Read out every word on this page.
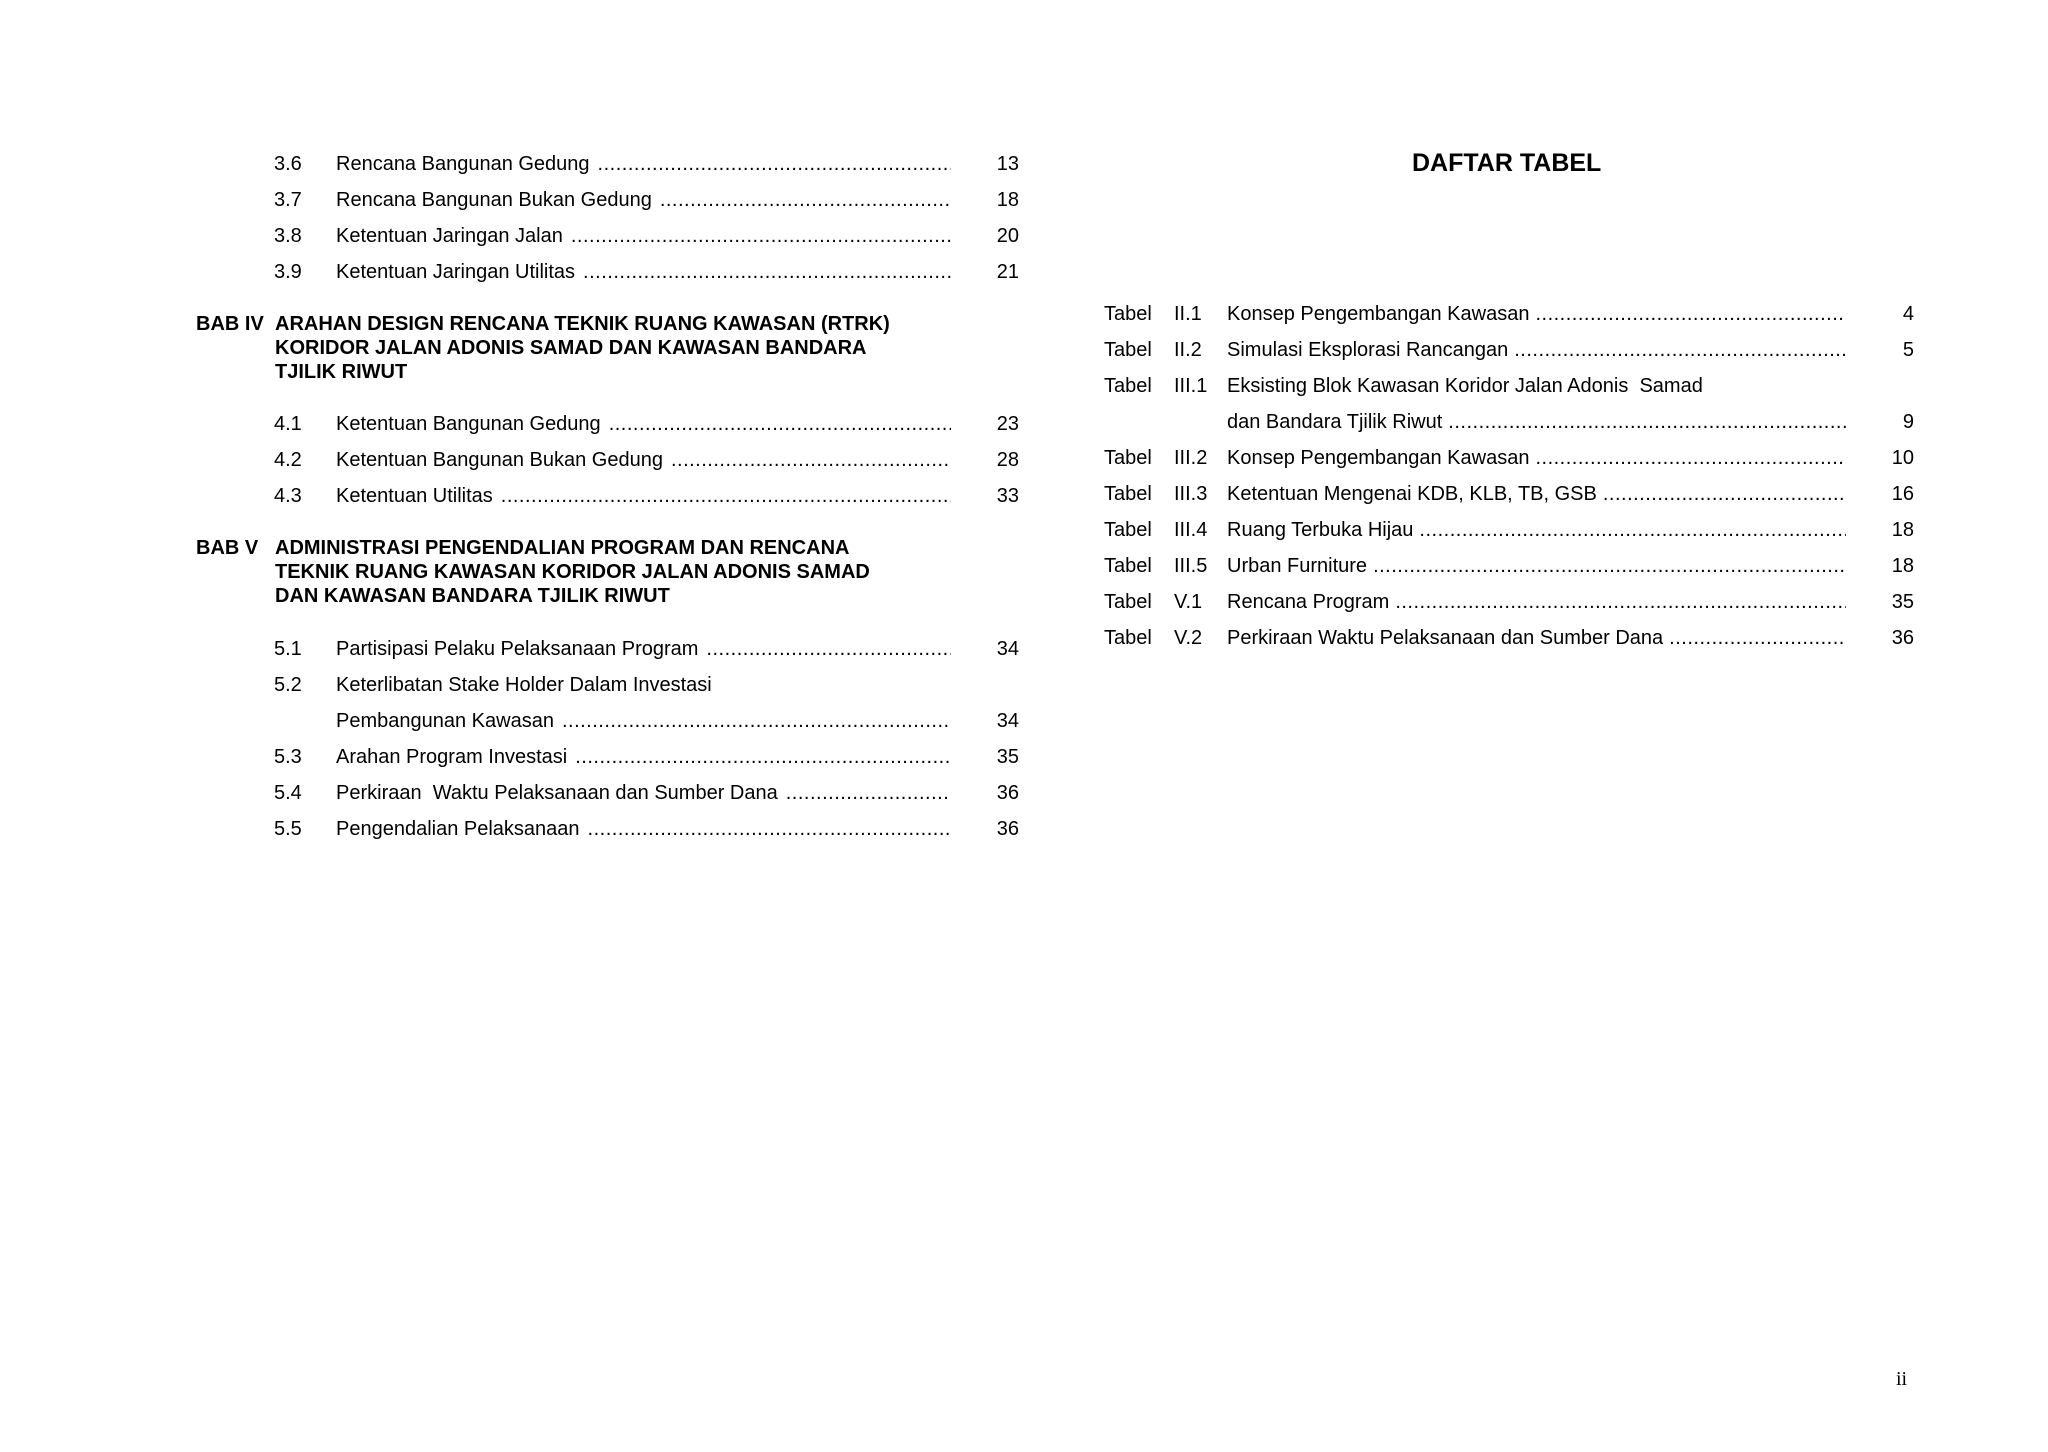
3.6	Rencana Bangunan Gedung .....	13
3.7	Rencana Bangunan Bukan Gedung .....	18
3.8	Ketentuan Jaringan Jalan .....	20
3.9	Ketentuan Jaringan Utilitas .....	21
BAB IV ARAHAN DESIGN RENCANA TEKNIK RUANG KAWASAN (RTRK) KORIDOR JALAN ADONIS SAMAD DAN KAWASAN BANDARA TJILIK RIWUT
4.1	Ketentuan Bangunan Gedung .....	23
4.2	Ketentuan Bangunan Bukan Gedung .....	28
4.3	Ketentuan Utilitas .....	33
BAB V ADMINISTRASI PENGENDALIAN PROGRAM DAN RENCANA TEKNIK RUANG KAWASAN KORIDOR JALAN ADONIS SAMAD DAN KAWASAN BANDARA TJILIK RIWUT
5.1	Partisipasi Pelaku Pelaksanaan Program .....	34
5.2	Keterlibatan Stake Holder Dalam Investasi
Pembangunan Kawasan .....	34
5.3	Arahan Program Investasi .....	35
5.4	Perkiraan  Waktu Pelaksanaan dan Sumber Dana .....	36
5.5	Pengendalian Pelaksanaan .....	36
DAFTAR TABEL
Tabel	II.1	Konsep Pengembangan Kawasan .....	4
Tabel	II.2	Simulasi Eksplorasi Rancangan .....	5
Tabel	III.1 Eksisting Blok Kawasan Koridor Jalan Adonis  Samad
dan Bandara Tjilik Riwut .....	9
Tabel	III.2 Konsep Pengembangan Kawasan .....	10
Tabel	III.3 Ketentuan Mengenai KDB, KLB, TB, GSB .....	16
Tabel	III.4 Ruang Terbuka Hijau .....	18
Tabel	III.5 Urban Furniture .....	18
Tabel	V.1	Rencana Program .....	35
Tabel	V.2	Perkiraan Waktu Pelaksanaan dan Sumber Dana .....	36
ii
